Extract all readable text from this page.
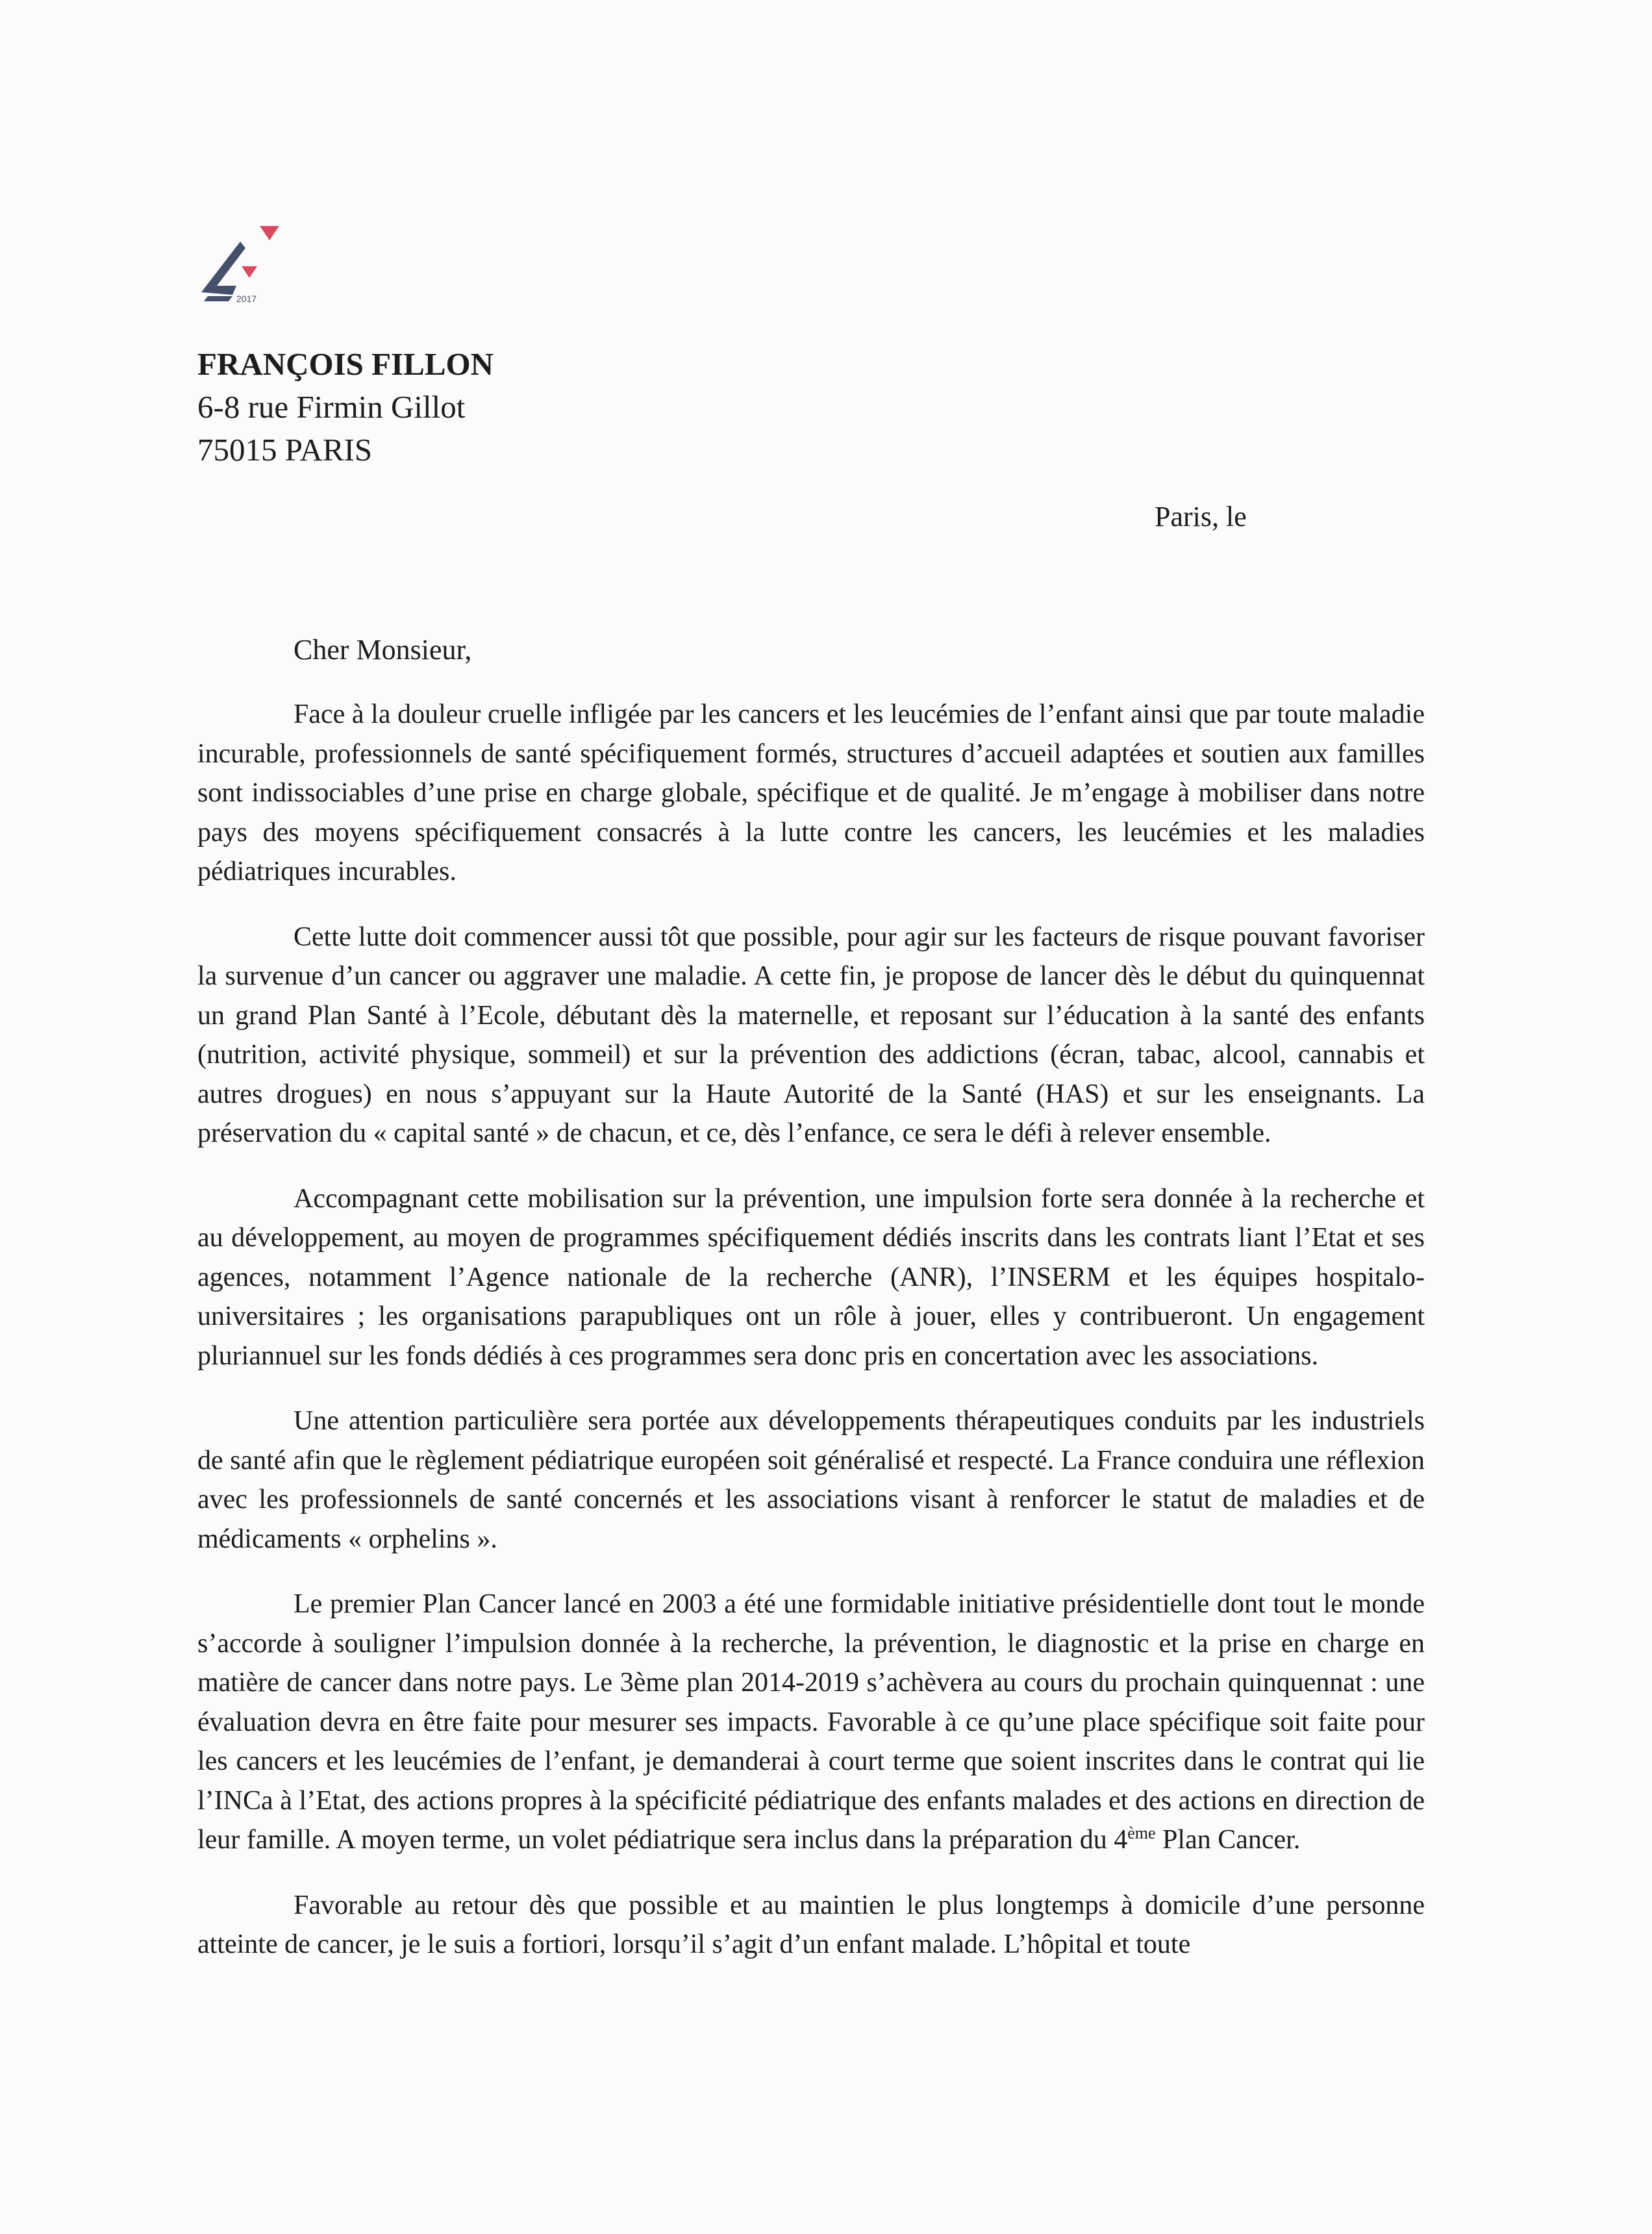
2017
FRANÇOIS FILLON
6-8 rue Firmin Gillot
75015 PARIS
Paris, le
Cher Monsieur,

Face à la douleur cruelle infligée par les cancers et les leucémies de l’enfant ainsi que par toute maladie incurable, professionnels de santé spécifiquement formés, structures d’accueil adaptées et soutien aux familles sont indissociables d’une prise en charge globale, spécifique et de qualité. Je m’engage à mobiliser dans notre pays des moyens spécifiquement consacrés à la lutte contre les cancers, les leucémies et les maladies pédiatriques incurables.

Cette lutte doit commencer aussi tôt que possible, pour agir sur les facteurs de risque pouvant favoriser la survenue d’un cancer ou aggraver une maladie. A cette fin, je propose de lancer dès le début du quinquennat un grand Plan Santé à l’Ecole, débutant dès la maternelle, et reposant sur l’éducation à la santé des enfants (nutrition, activité physique, sommeil) et sur la prévention des addictions (écran, tabac, alcool, cannabis et autres drogues) en nous s’appuyant sur la Haute Autorité de la Santé (HAS) et sur les enseignants. La préservation du « capital santé » de chacun, et ce, dès l’enfance, ce sera le défi à relever ensemble.

Accompagnant cette mobilisation sur la prévention, une impulsion forte sera donnée à la recherche et au développement, au moyen de programmes spécifiquement dédiés inscrits dans les contrats liant l’Etat et ses agences, notamment l’Agence nationale de la recherche (ANR), l’INSERM et les équipes hospitalo-universitaires ; les organisations parapubliques ont un rôle à jouer, elles y contribueront. Un engagement pluriannuel sur les fonds dédiés à ces programmes sera donc pris en concertation avec les associations.

Une attention particulière sera portée aux développements thérapeutiques conduits par les industriels de santé afin que le règlement pédiatrique européen soit généralisé et respecté. La France conduira une réflexion avec les professionnels de santé concernés et les associations visant à renforcer le statut de maladies et de médicaments « orphelins ».

Le premier Plan Cancer lancé en 2003 a été une formidable initiative présidentielle dont tout le monde s’accorde à souligner l’impulsion donnée à la recherche, la prévention, le diagnostic et la prise en charge en matière de cancer dans notre pays. Le 3ème plan 2014-2019 s’achèvera au cours du prochain quinquennat : une évaluation devra en être faite pour mesurer ses impacts. Favorable à ce qu’une place spécifique soit faite pour les cancers et les leucémies de l’enfant, je demanderai à court terme que soient inscrites dans le contrat qui lie l’INCa à l’Etat, des actions propres à la spécificité pédiatrique des enfants malades et des actions en direction de leur famille. A moyen terme, un volet pédiatrique sera inclus dans la préparation du 4ème Plan Cancer.

Favorable au retour dès que possible et au maintien le plus longtemps à domicile d’une personne atteinte de cancer, je le suis a fortiori, lorsqu’il s’agit d’un enfant malade. L’hôpital et toute
